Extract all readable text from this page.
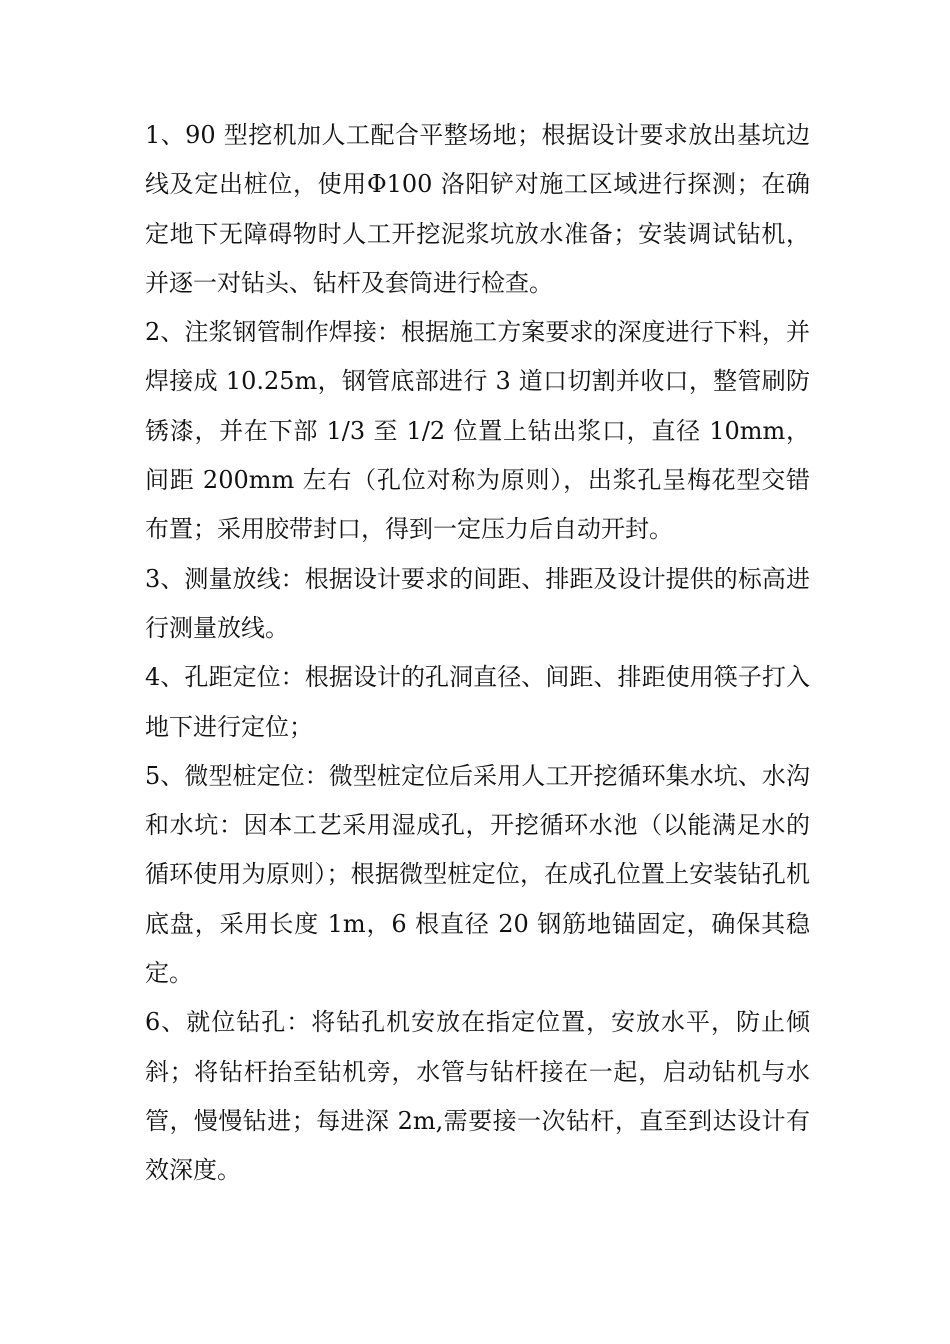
1、90 型挖机加人工配合平整场地；根据设计要求放出基坑边线及定出桩位，使用Φ100 洛阳铲对施工区域进行探测；在确定地下无障碍物时人工开挖泥浆坑放水准备；安装调试钻机，并逐一对钻头、钻杆及套筒进行检查。

2、注浆钢管制作焊接：根据施工方案要求的深度进行下料，并焊接成 10.25m，钢管底部进行 3 道口切割并收口，整管刷防锈漆，并在下部 1/3 至 1/2 位置上钻出浆口，直径 10mm，间距 200mm 左右（孔位对称为原则），出浆孔呈梅花型交错布置；采用胶带封口，得到一定压力后自动开封。

3、测量放线：根据设计要求的间距、排距及设计提供的标高进行测量放线。

4、孔距定位：根据设计的孔洞直径、间距、排距使用筷子打入地下进行定位；

5、微型桩定位：微型桩定位后采用人工开挖循环集水坑、水沟和水坑：因本工艺采用湿成孔，开挖循环水池（以能满足水的循环使用为原则）；根据微型桩定位，在成孔位置上安装钻孔机底盘，采用长度 1m，6 根直径 20 钢筋地锚固定，确保其稳定。

6、就位钻孔：将钻孔机安放在指定位置，安放水平，防止倾斜；将钻杆抬至钻机旁，水管与钻杆接在一起，启动钻机与水管，慢慢钻进；每进深 2m,需要接一次钻杆，直至到达设计有效深度。
